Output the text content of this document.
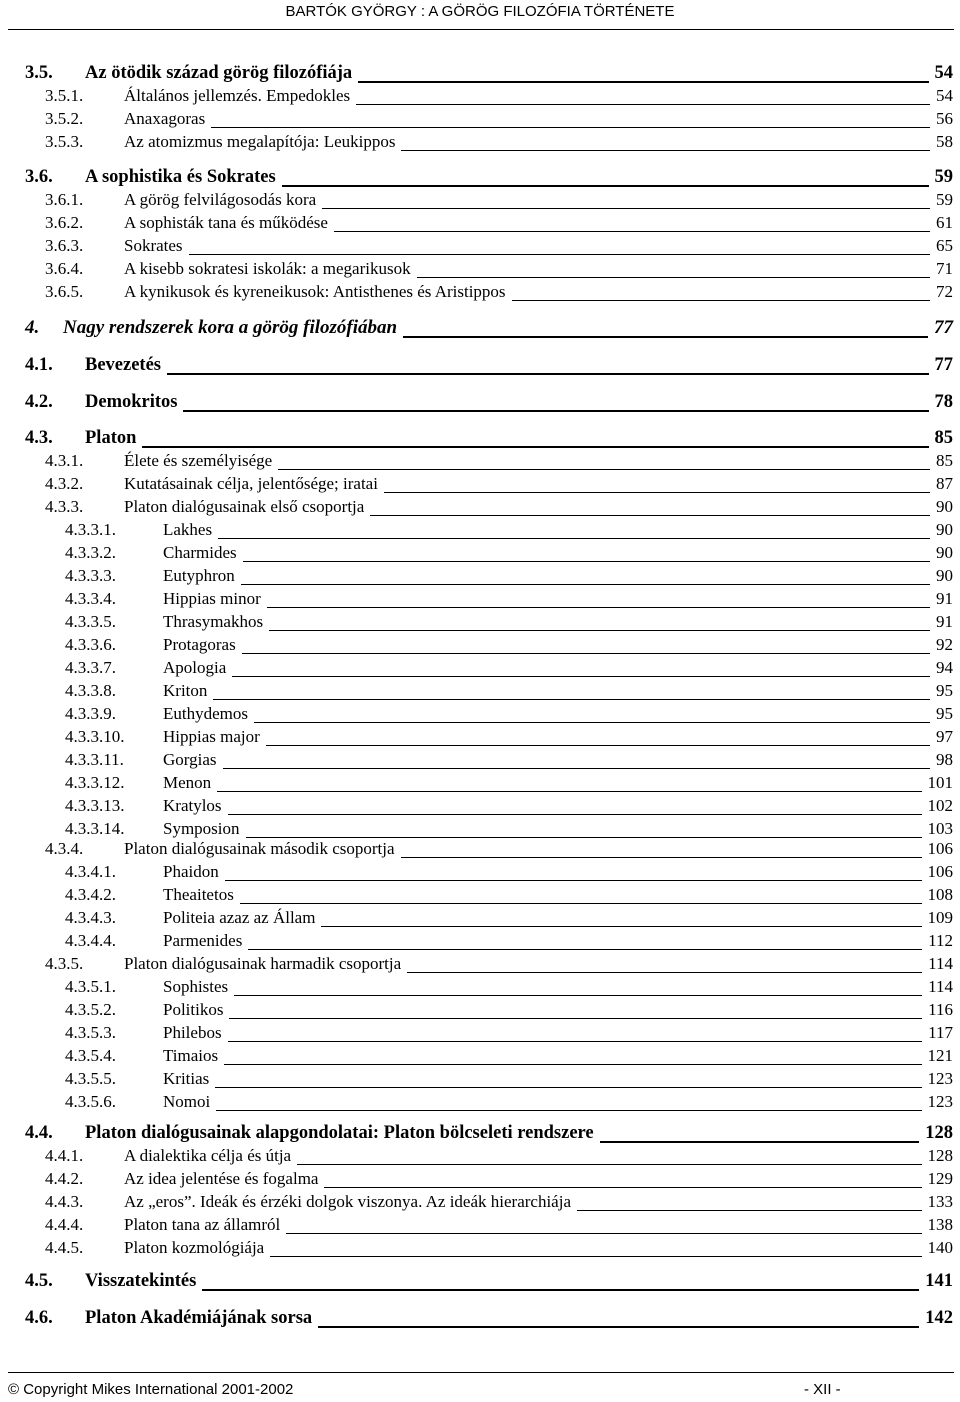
BARTÓK GYÖRGY : A GÖRÖG FILOZÓFIA TÖRTÉNETE
3.5. Az ötödik század görög filozófiája	54
3.5.1. Általános jellemzés. Empedokles	54
3.5.2. Anaxagoras	56
3.5.3. Az atomizmus megalapítója: Leukippos	58
3.6. A sophistika és Sokrates	59
3.6.1. A görög felvilágosodás kora	59
3.6.2. A sophisták tana és működése	61
3.6.3. Sokrates	65
3.6.4. A kisebb sokratesi iskolák: a megarikusok	71
3.6.5. A kynikusok és kyreneikusok: Antisthenes és Aristippos	72
4. Nagy rendszerek kora a görög filozófiában	77
4.1. Bevezetés	77
4.2. Demokritos	78
4.3. Platon	85
4.3.1. Élete és személyisége	85
4.3.2. Kutatásainak célja, jelentősége; iratai	87
4.3.3. Platon dialógusainak első csoportja	90
4.3.3.1.	Lakhes	90
4.3.3.2.	Charmides	90
4.3.3.3.	Eutyphron	90
4.3.3.4.	Hippias minor	91
4.3.3.5.	Thrasymakhos	91
4.3.3.6.	Protagoras	92
4.3.3.7.	Apologia	94
4.3.3.8.	Kriton	95
4.3.3.9.	Euthydemos	95
4.3.3.10. Hippias major	97
4.3.3.11. Gorgias	98
4.3.3.12. Menon	101
4.3.3.13. Kratylos	102
4.3.3.14. Symposion	103
4.3.4. Platon dialógusainak második csoportja	106
4.3.4.1.	Phaidon	106
4.3.4.2.	Theaitetos	108
4.3.4.3.	Politeia azaz az Állam	109
4.3.4.4.	Parmenides	112
4.3.5. Platon dialógusainak harmadik csoportja	114
4.3.5.1.	Sophistes	114
4.3.5.2.	Politikos	116
4.3.5.3.	Philebos	117
4.3.5.4.	Timaios	121
4.3.5.5.	Kritias	123
4.3.5.6.	Nomoi	123
4.4. Platon dialógusainak alapgondolatai: Platon bölcseleti rendszere	128
4.4.1. A dialektika célja és útja	128
4.4.2. Az idea jelentése és fogalma	129
4.4.3. Az „eros”. Ideák és érzéki dolgok viszonya. Az ideák hierarchiája	133
4.4.4. Platon tana az államról	138
4.4.5. Platon kozmológiája	140
4.5. Visszatekintés	141
4.6. Platon Akadémiájának sorsa	142
© Copyright Mikes International 2001-2002	- XII -
